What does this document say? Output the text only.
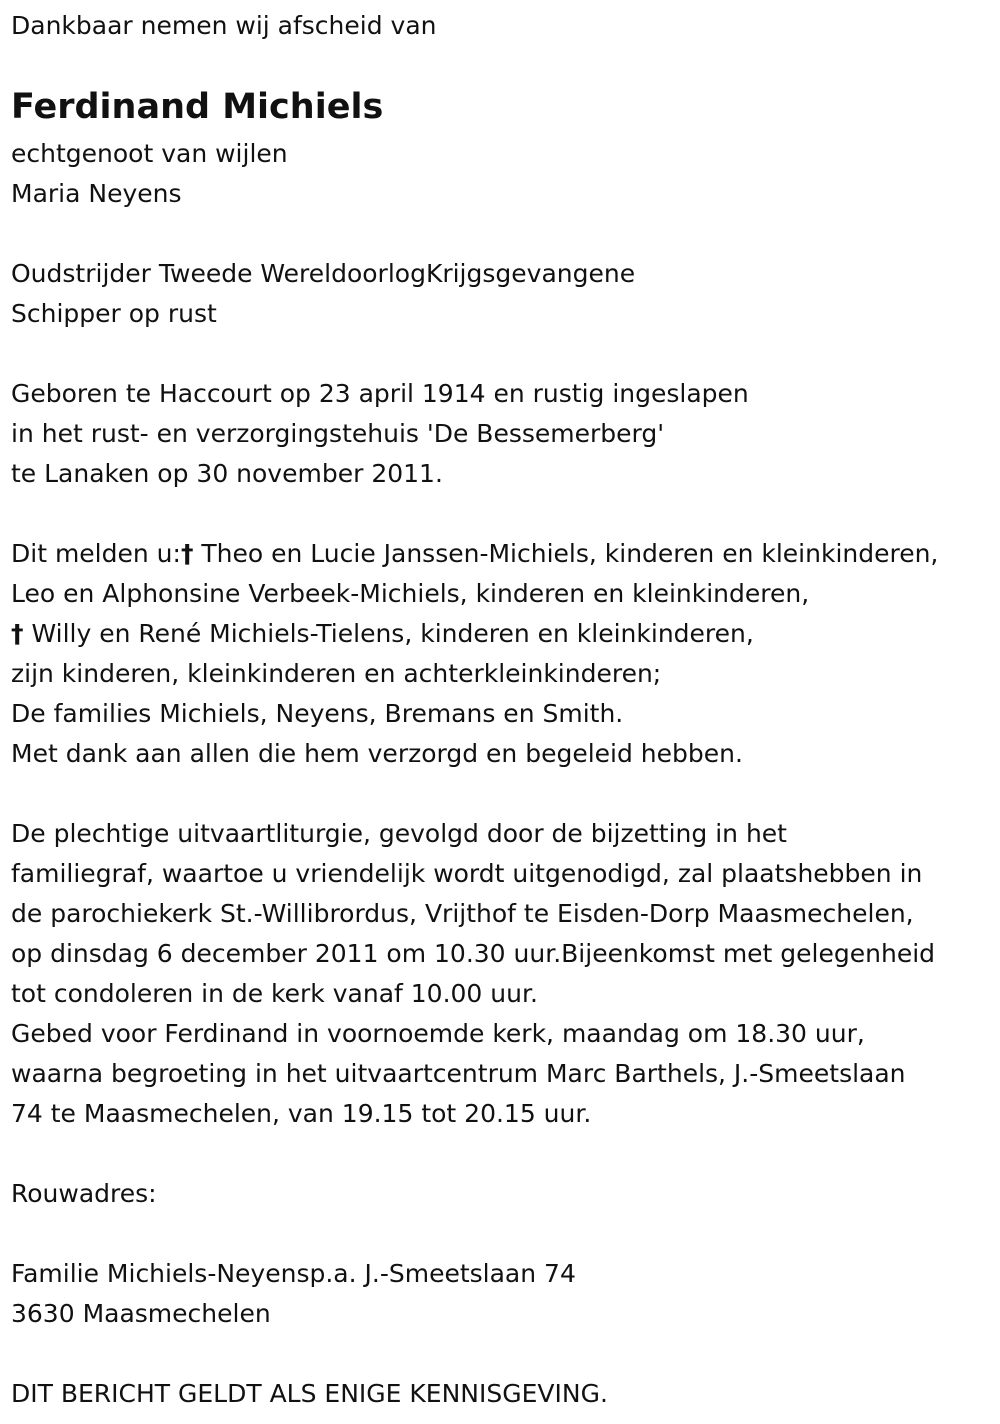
Dankbaar nemen wij afscheid van
Ferdinand Michiels
echtgenoot van wijlen
Maria Neyens
Oudstrijder Tweede WereldoorlogKrijgsgevangene
Schipper op rust
Geboren te Haccourt op 23 april 1914 en rustig ingeslapen
in het rust- en verzorgingstehuis 'De Bessemerberg'
te Lanaken op 30 november 2011.
Dit melden u:† Theo en Lucie Janssen-Michiels, kinderen en kleinkinderen,
Leo en Alphonsine Verbeek-Michiels, kinderen en kleinkinderen,
† Willy en René Michiels-Tielens, kinderen en kleinkinderen,
zijn kinderen, kleinkinderen en achterkleinkinderen;
De families Michiels, Neyens, Bremans en Smith.
Met dank aan allen die hem verzorgd en begeleid hebben.
De plechtige uitvaartliturgie, gevolgd door de bijzetting in het
familiegraf, waartoe u vriendelijk wordt uitgenodigd, zal plaatshebben in
de parochiekerk St.-Willibrordus, Vrijthof te Eisden-Dorp Maasmechelen,
op dinsdag 6 december 2011 om 10.30 uur.Bijeenkomst met gelegenheid
tot condoleren in de kerk vanaf 10.00 uur.
Gebed voor Ferdinand in voornoemde kerk, maandag om 18.30 uur,
waarna begroeting in het uitvaartcentrum Marc Barthels, J.-Smeetslaan
74 te Maasmechelen, van 19.15 tot 20.15 uur.
Rouwadres:
Familie Michiels-Neyensp.a. J.-Smeetslaan 74
3630 Maasmechelen
DIT BERICHT GELDT ALS ENIGE KENNISGEVING.
